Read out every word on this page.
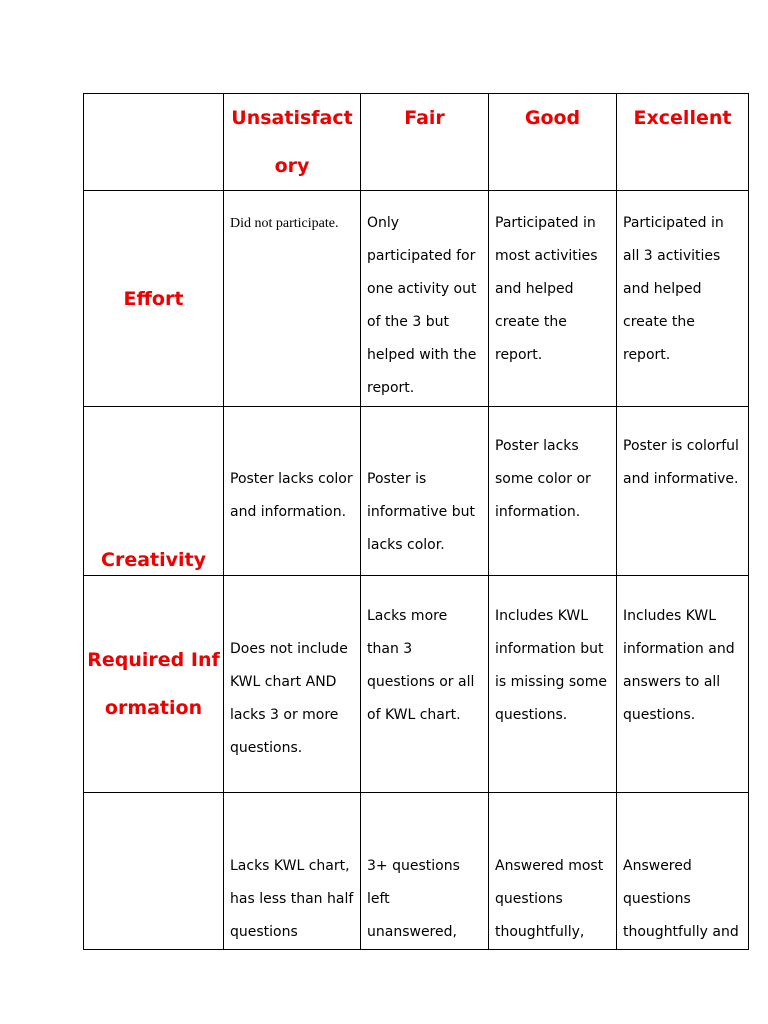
	Unsatisfactory	Fair	Good	Excellent

Effort	Did not participate.	Only participated for one activity out of the 3 but helped with the report.	Participated in most activities and helped create the report.	Participated in all 3 activities and helped create the report.

Creativity	Poster lacks color and information.	Poster is informative but lacks color.	Poster lacks some color or information.	Poster is colorful and informative.

Required Information	Does not include KWL chart AND lacks 3 or more questions.	Lacks more than 3 questions or all of KWL chart.	Includes KWL information but is missing some questions.	Includes KWL information and answers to all questions.

	Lacks KWL chart, has less than half questions	3+ questions left unanswered,	Answered most questions thoughtfully,	Answered questions thoughtfully and
